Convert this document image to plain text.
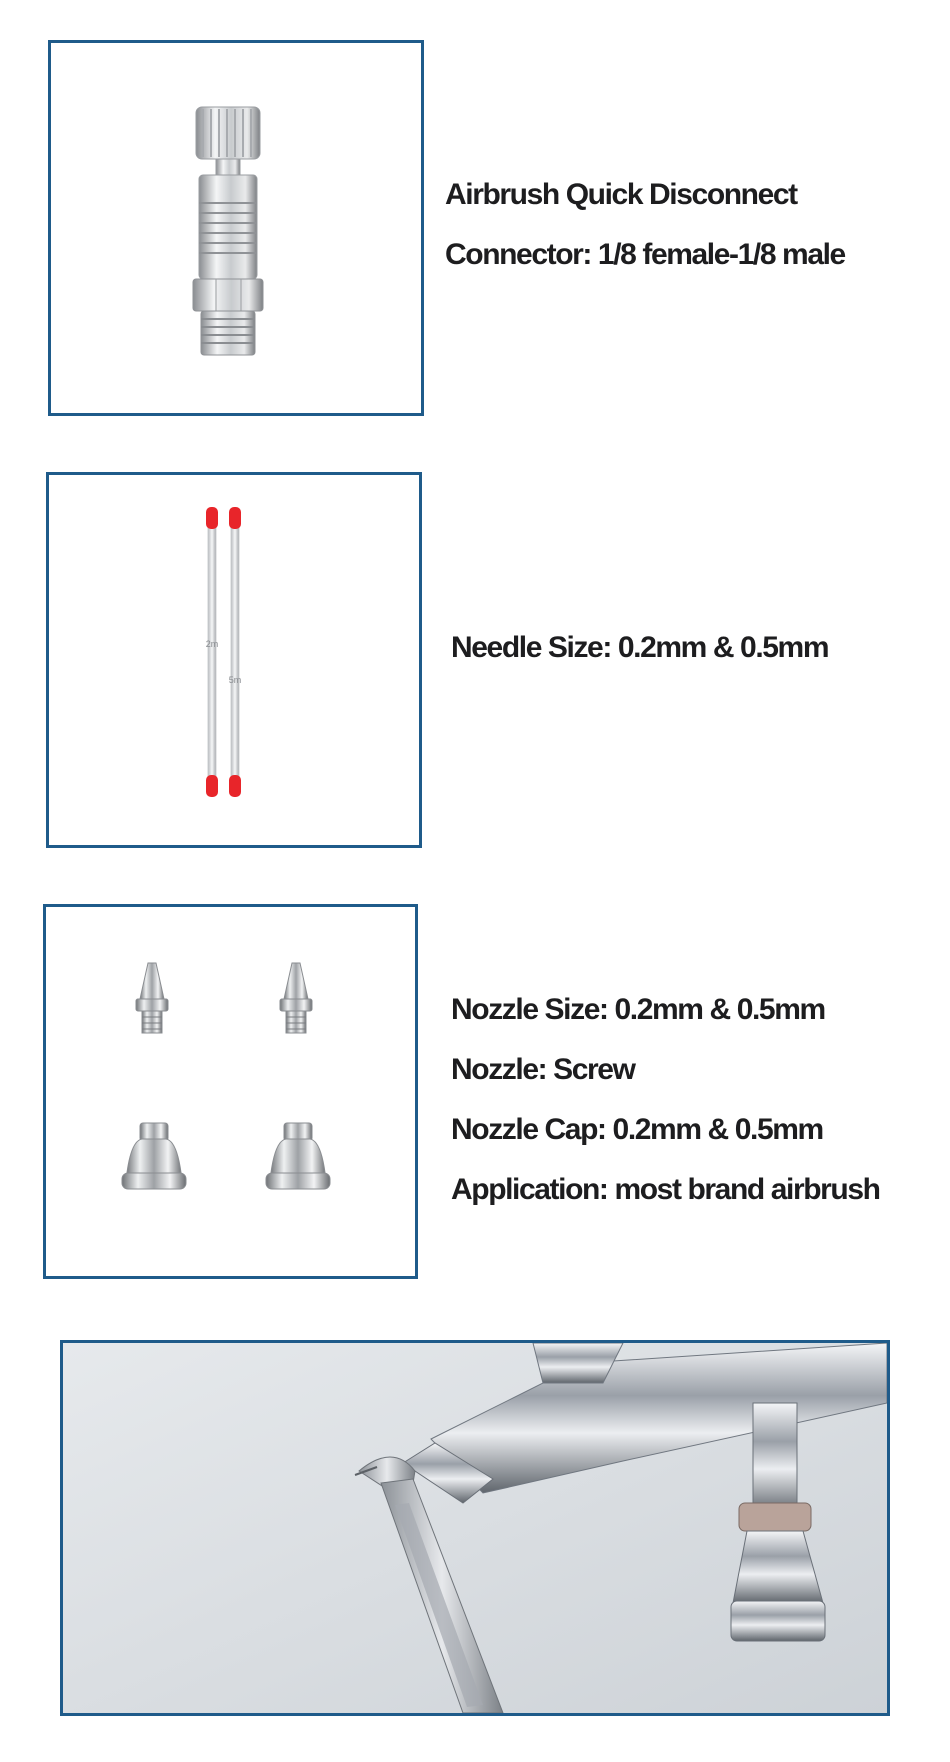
Airbrush Quick Disconnect
Connector: 1/8 female-1/8 male
2m
5m
Needle Size: 0.2mm & 0.5mm
Nozzle Size: 0.2mm & 0.5mm
Nozzle: Screw
Nozzle Cap: 0.2mm & 0.5mm
Application: most brand airbrush
